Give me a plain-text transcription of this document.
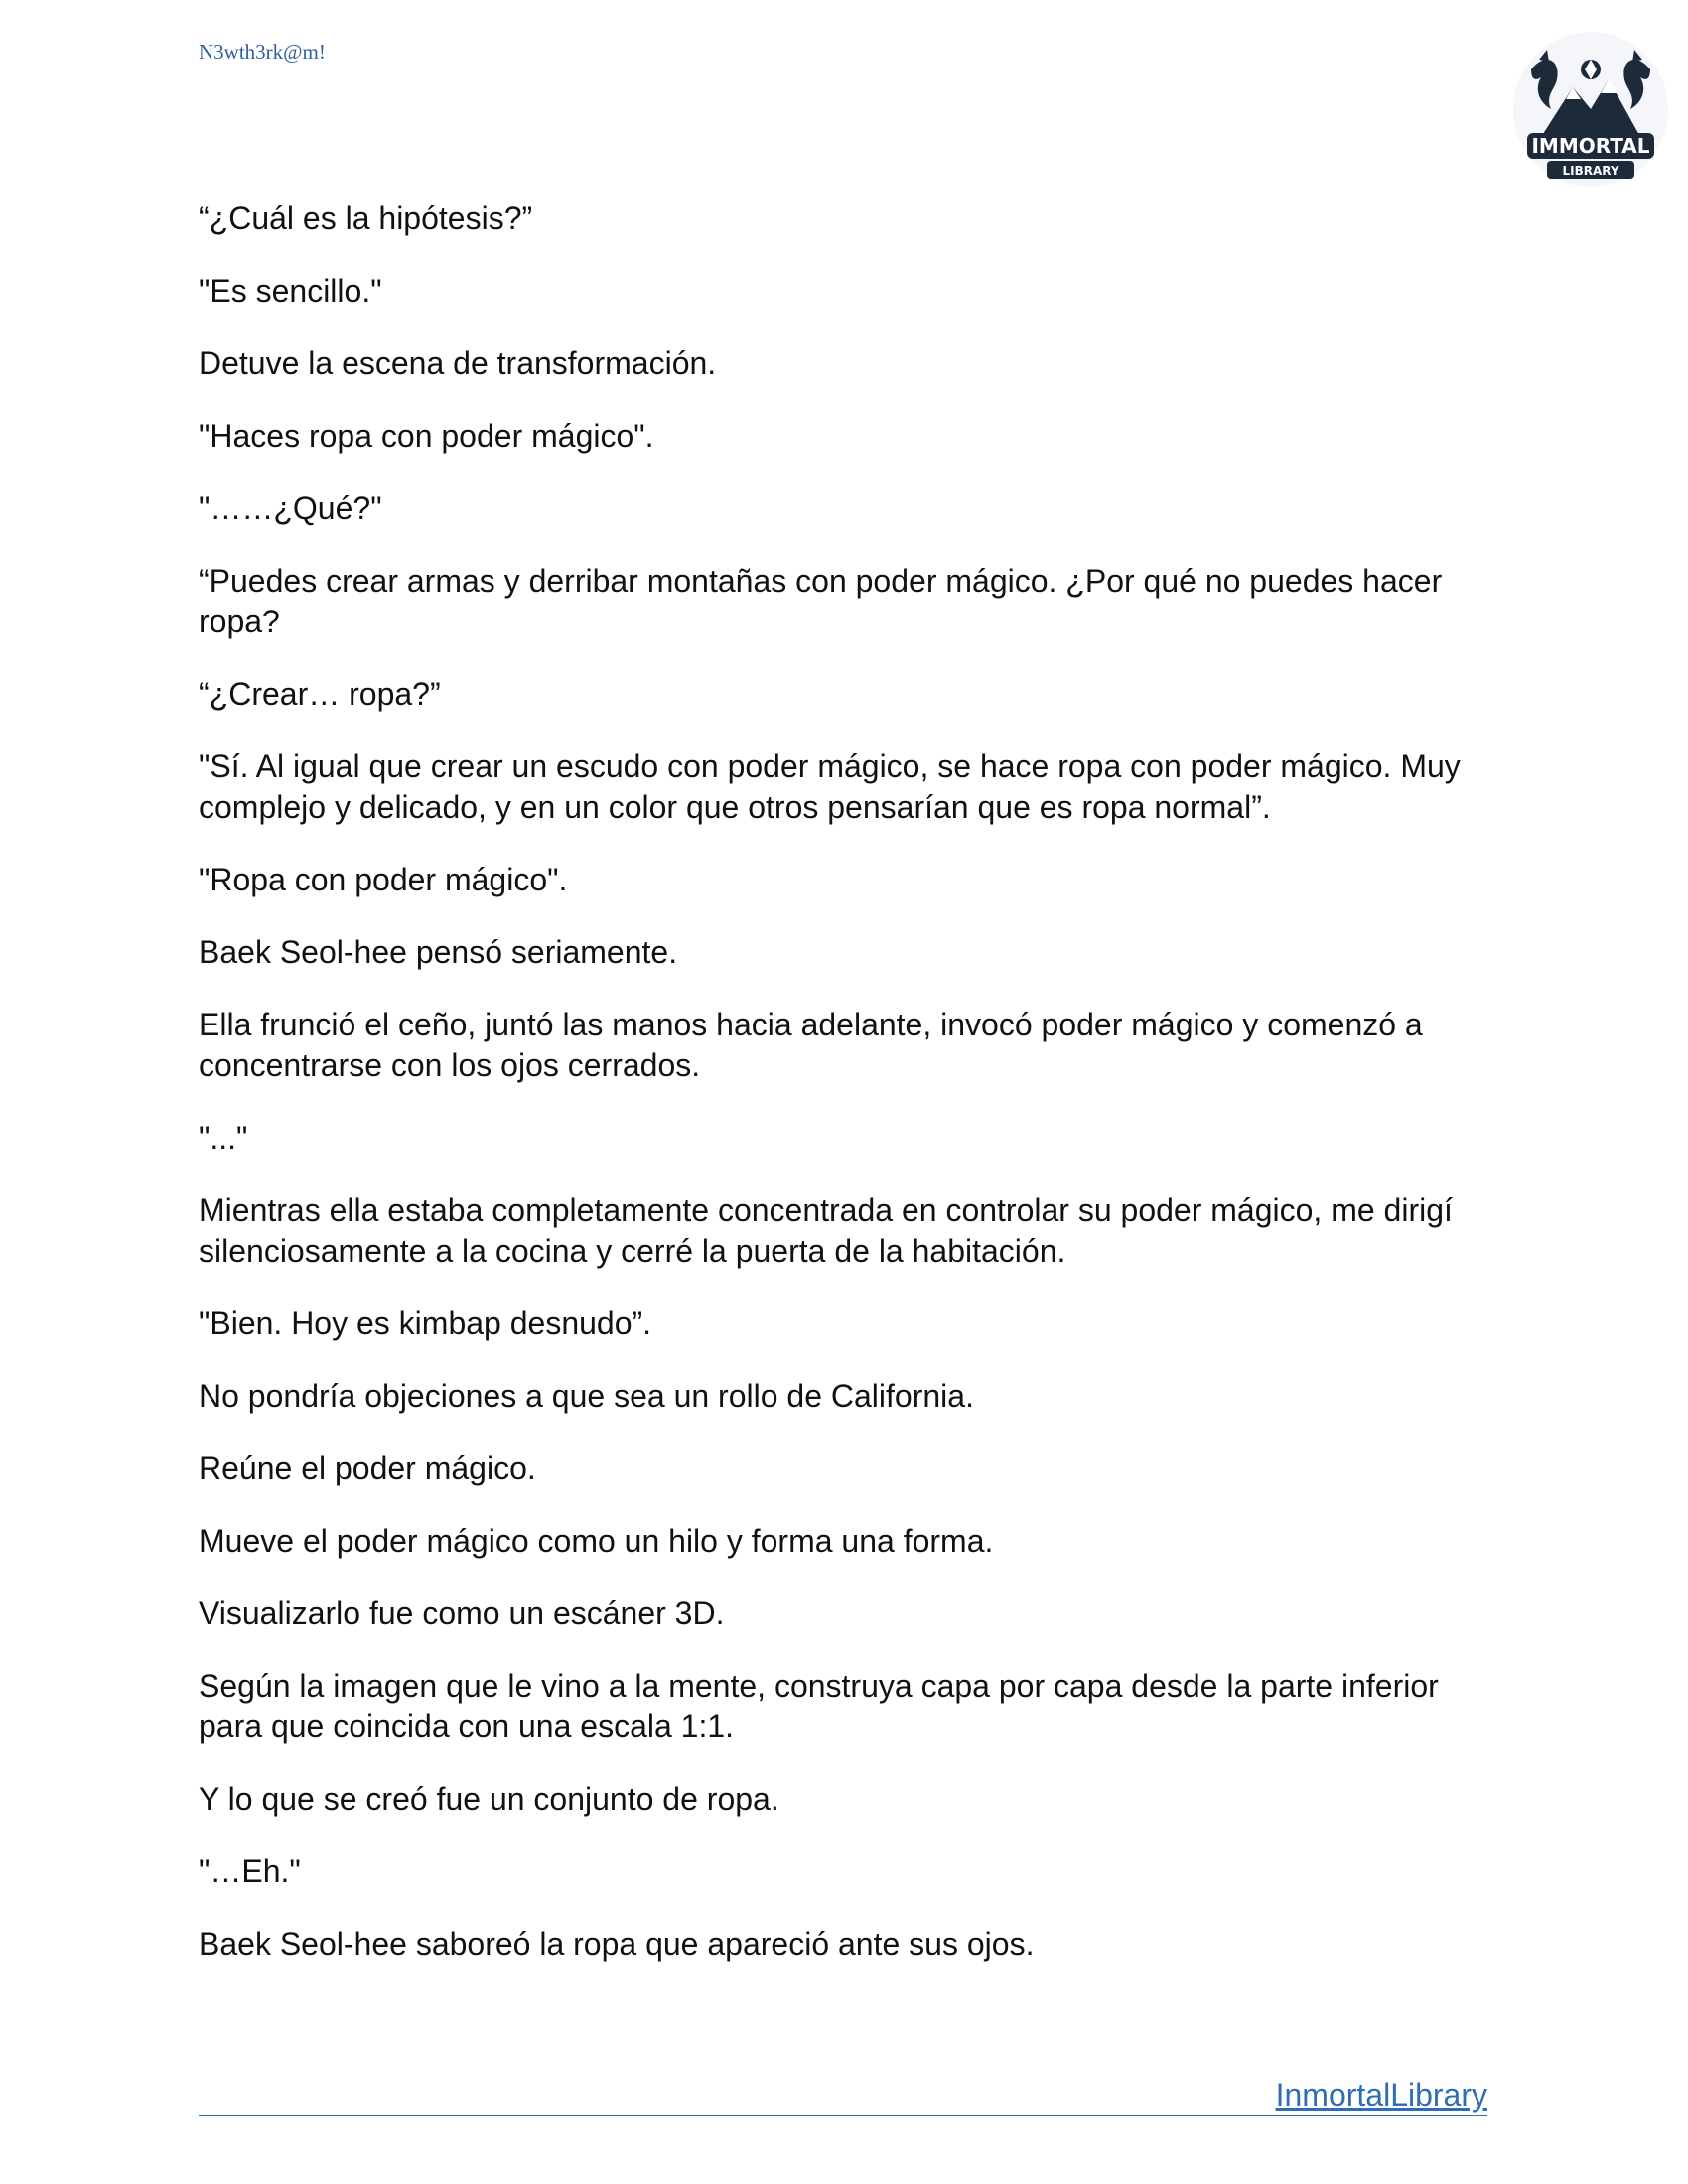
N3wth3rk@m!
IMMORTAL
LIBRARY

“¿Cuál es la hipótesis?”

"Es sencillo."

Detuve la escena de transformación.

"Haces ropa con poder mágico".

"……¿Qué?"

“Puedes crear armas y derribar montañas con poder mágico. ¿Por qué no puedes hacer ropa?

“¿Crear… ropa?”

"Sí. Al igual que crear un escudo con poder mágico, se hace ropa con poder mágico. Muy complejo y delicado, y en un color que otros pensarían que es ropa normal”.

"Ropa con poder mágico".

Baek Seol-hee pensó seriamente.

Ella frunció el ceño, juntó las manos hacia adelante, invocó poder mágico y comenzó a concentrarse con los ojos cerrados.

"..."

Mientras ella estaba completamente concentrada en controlar su poder mágico, me dirigí silenciosamente a la cocina y cerré la puerta de la habitación.

"Bien. Hoy es kimbap desnudo”.

No pondría objeciones a que sea un rollo de California.

Reúne el poder mágico.

Mueve el poder mágico como un hilo y forma una forma.

Visualizarlo fue como un escáner 3D.

Según la imagen que le vino a la mente, construya capa por capa desde la parte inferior para que coincida con una escala 1:1.

Y lo que se creó fue un conjunto de ropa.

"…Eh."

Baek Seol-hee saboreó la ropa que apareció ante sus ojos.

InmortalLibrary
